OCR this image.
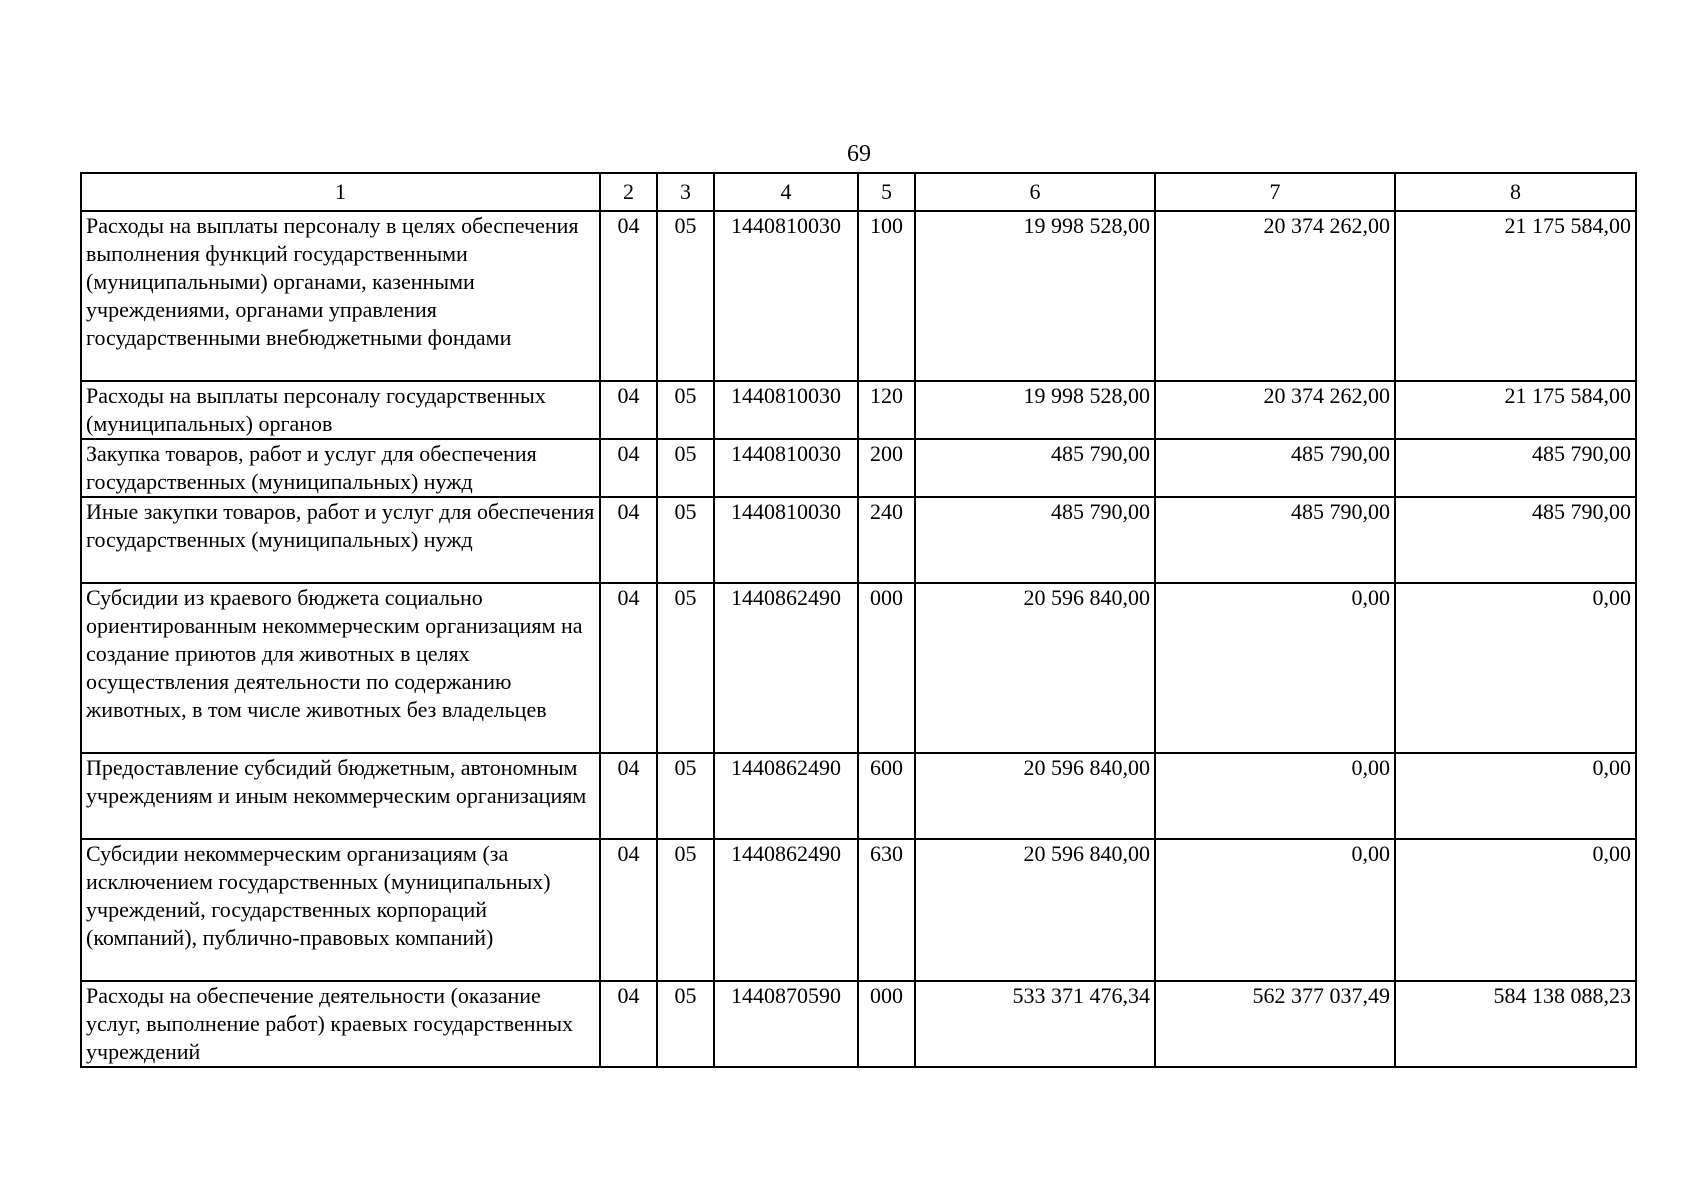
69
1	2	3	4	5	6	7	8
Расходы на выплаты персоналу в целях обеспечения выполнения функций государственными (муниципальными) органами, казенными учреждениями, органами управления государственными внебюджетными фондами	04	05	1440810030	100	19 998 528,00	20 374 262,00	21 175 584,00
Расходы на выплаты персоналу государственных (муниципальных) органов	04	05	1440810030	120	19 998 528,00	20 374 262,00	21 175 584,00
Закупка товаров, работ и услуг для обеспечения государственных (муниципальных) нужд	04	05	1440810030	200	485 790,00	485 790,00	485 790,00
Иные закупки товаров, работ и услуг для обеспечения государственных (муниципальных) нужд	04	05	1440810030	240	485 790,00	485 790,00	485 790,00
Субсидии из краевого бюджета социально ориентированным некоммерческим организациям на создание приютов для животных в целях осуществления деятельности по содержанию животных, в том числе животных без владельцев	04	05	1440862490	000	20 596 840,00	0,00	0,00
Предоставление субсидий бюджетным, автономным учреждениям и иным некоммерческим организациям	04	05	1440862490	600	20 596 840,00	0,00	0,00
Субсидии некоммерческим организациям (за исключением государственных (муниципальных) учреждений, государственных корпораций (компаний), публично-правовых компаний)	04	05	1440862490	630	20 596 840,00	0,00	0,00
Расходы на обеспечение деятельности (оказание услуг, выполнение работ) краевых государственных учреждений	04	05	1440870590	000	533 371 476,34	562 377 037,49	584 138 088,23
